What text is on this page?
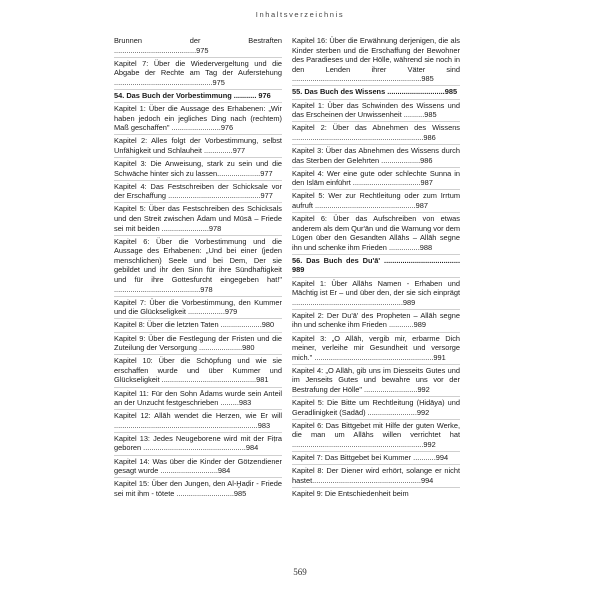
Inhaltsverzeichnis
Brunnen der Bestraften ........................................975
Kapitel 7: Über die Wiedervergeltung und die Abgabe der Rechte am Tag der Auferstehung ................................................975
54. Das Buch der Vorbestimmung ........... 976
Kapitel 1: Über die Aussage des Erhabenen: „Wir haben jedoch ein jegliches Ding nach (rechtem) Maß geschaffen" ........................976
Kapitel 2: Alles folgt der Vorbestimmung, selbst Unfähigkeit und Schlauheit ..............977
Kapitel 3: Die Anweisung, stark zu sein und die Schwäche hinter sich zu lassen.....................977
Kapitel 4: Das Festschreiben der Schicksale vor der Erschaffung .............................................977
Kapitel 5: Über das Festschreiben des Schicksals und den Streit zwischen Ādam und Mūsā – Friede sei mit beiden .......................978
Kapitel 6: Über die Vorbestimmung und die Aussage des Erhabenen: „Und bei einer (jeden menschlichen) Seele und bei Dem, Der sie gebildet und ihr den Sinn für ihre Sündhaftigkeit und für ihre Gottesfurcht eingegeben hat!" ..........................................978
Kapitel 7: Über die Vorbestimmung, den Kummer und die Glückseligkeit ..................979
Kapitel 8: Über die letzten Taten ....................980
Kapitel 9: Über die Festlegung der Fristen und die Zuteilung der Versorgung .....................980
Kapitel 10: Über die Schöpfung und wie sie erschaffen wurde und über Kummer und Glückseligkeit ..............................................981
Kapitel 11: Für den Sohn Ādams wurde sein Anteil an der Unzucht festgeschrieben .........983
Kapitel 12: Allāh wendet die Herzen, wie Er will ......................................................................983
Kapitel 13: Jedes Neugeborene wird mit der Fiṭra geboren ..................................................984
Kapitel 14: Was über die Kinder der Götzendiener gesagt wurde ............................984
Kapitel 15: Über den Jungen, den Al-Ḫaḍir - Friede sei mit ihm - tötete ............................985
Kapitel 16: Über die Erwähnung derjenigen, die als Kinder sterben und die Erschaffung der Bewohner des Paradieses und der Hölle, während sie noch in den Lenden ihrer Väter sind ...............................................................985
55. Das Buch des Wissens ............................985
Kapitel 1: Über das Schwinden des Wissens und das Erscheinen der Unwissenheit ..........985
Kapitel 2: Über das Abnehmen des Wissens ................................................................986
Kapitel 3: Über das Abnehmen des Wissens durch das Sterben der Gelehrten ...................986
Kapitel 4: Wer eine gute oder schlechte Sunna in den Islām einführt .................................987
Kapitel 5: Wer zur Rechtleitung oder zum Irrtum aufruft .................................................987
Kapitel 6: Über das Aufschreiben von etwas anderem als dem Qur'ān und die Warnung vor dem Lügen über den Gesandten Allāhs – Allāh segne ihn und schenke ihm Frieden ...............988
56. Das Buch des Du'ā' ..................................... 989
Kapitel 1: Über Allāhs Namen - Erhaben und Mächtig ist Er – und über den, der sie sich einprägt ......................................................989
Kapitel 2: Der Du'ā' des Propheten – Allāh segne ihn und schenke ihm Frieden ............989
Kapitel 3: „O Allāh, vergib mir, erbarme Dich meiner, verleihe mir Gesundheit und versorge mich." ..........................................................991
Kapitel 4: „O Allāh, gib uns im Diesseits Gutes und im Jenseits Gutes und bewahre uns vor der Bestrafung der Hölle" ..........................992
Kapitel 5: Die Bitte um Rechtleitung (Hidāya) und Geradlinigkeit (Sadād) ........................992
Kapitel 6: Das Bittgebet mit Hilfe der guten Werke, die man um Allāhs willen verrichtet hat ................................................................992
Kapitel 7: Das Bittgebet bei Kummer ...........994
Kapitel 8: Der Diener wird erhört, solange er nicht hastet.....................................................994
Kapitel 9: Die Entschiedenheit beim
569
